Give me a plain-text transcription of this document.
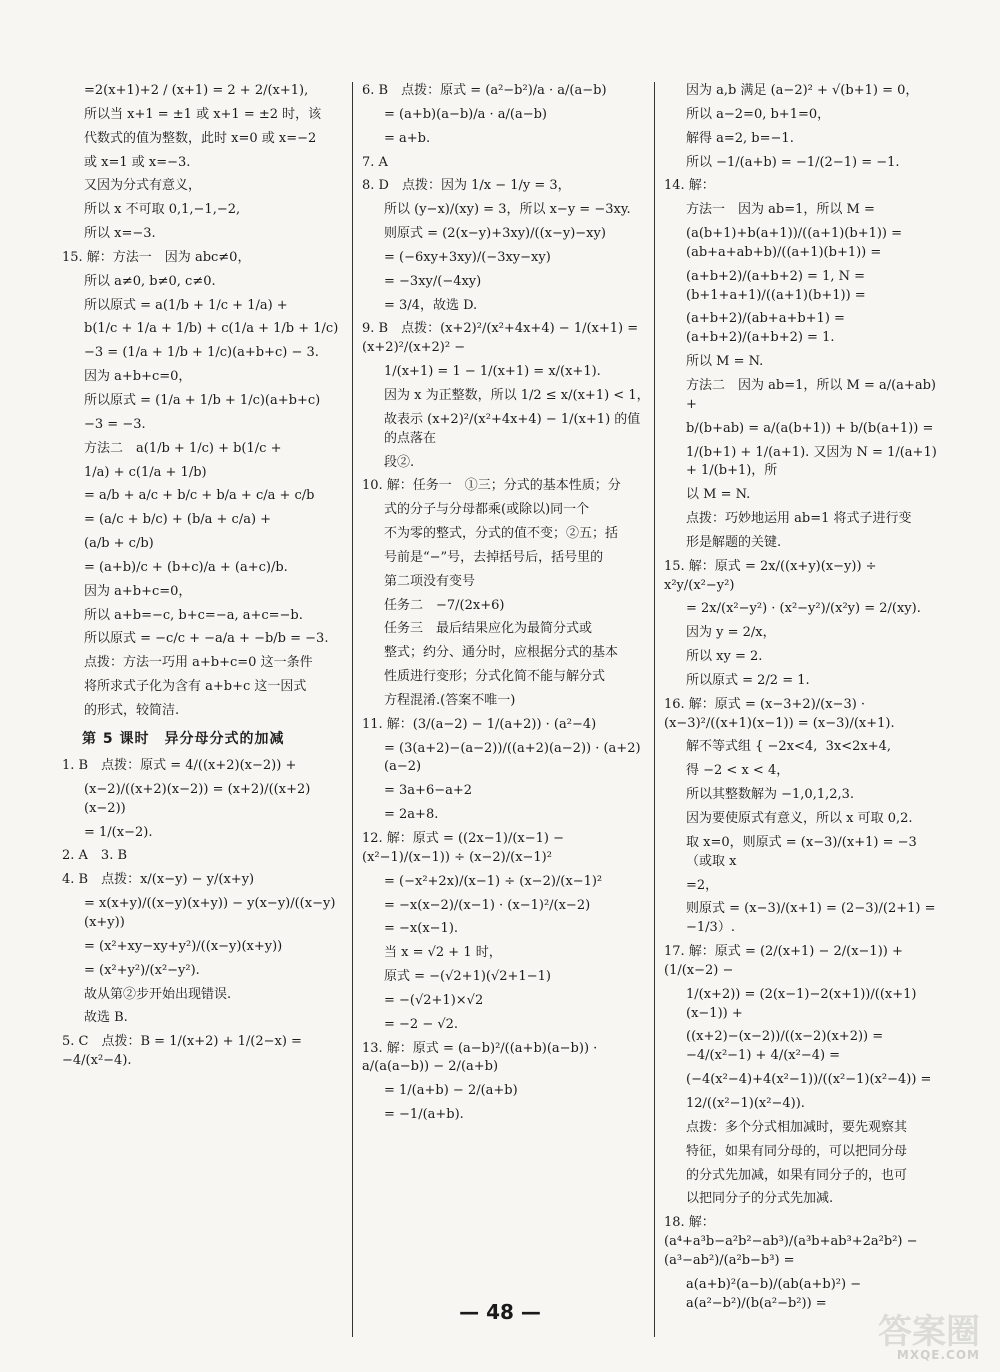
=2(x+1)+2 / (x+1) = 2 + 2/(x+1),
所以当 x+1 = ±1 或 x+1 = ±2 时，该
代数式的值为整数，此时 x=0 或 x=−2
或 x=1 或 x=−3.
又因为分式有意义，
所以 x 不可取 0,1,−1,−2,
所以 x=−3.
15. 解：方法一　因为 abc≠0，
所以 a≠0, b≠0, c≠0.
所以原式 = a(1/b + 1/c + 1/a) +
b(1/c + 1/a + 1/b) + c(1/a + 1/b + 1/c)
−3 = (1/a + 1/b + 1/c)(a+b+c) − 3.
因为 a+b+c=0，
所以原式 = (1/a + 1/b + 1/c)(a+b+c)
−3 = −3.
方法二　a(1/b + 1/c) + b(1/c +
1/a) + c(1/a + 1/b)
= a/b + a/c + b/c + b/a + c/a + c/b
= (a/c + b/c) + (b/a + c/a) +
(a/b + c/b)
= (a+b)/c + (b+c)/a + (a+c)/b.
因为 a+b+c=0，
所以 a+b=−c, b+c=−a, a+c=−b.
所以原式 = −c/c + −a/a + −b/b = −3.
点拨：方法一巧用 a+b+c=0 这一条件
将所求式子化为含有 a+b+c 这一因式
的形式，较简洁.
第 5 课时　异分母分式的加减
1. B　点拨：原式 = 4/((x+2)(x−2)) +
(x−2)/((x+2)(x−2)) = (x+2)/((x+2)(x−2))
= 1/(x−2).
2. A　3. B
4. B　点拨：x/(x−y) − y/(x+y)
= x(x+y)/((x−y)(x+y)) − y(x−y)/((x−y)(x+y))
= (x²+xy−xy+y²)/((x−y)(x+y))
= (x²+y²)/(x²−y²).
故从第②步开始出现错误.
故选 B.
5. C　点拨：B = 1/(x+2) + 1/(2−x) = −4/(x²−4).
6. B　点拨：原式 = (a²−b²)/a · a/(a−b)
= (a+b)(a−b)/a · a/(a−b)
= a+b.
7. A
8. D　点拨：因为 1/x − 1/y = 3，
所以 (y−x)/(xy) = 3，所以 x−y = −3xy.
则原式 = (2(x−y)+3xy)/((x−y)−xy)
= (−6xy+3xy)/(−3xy−xy)
= −3xy/(−4xy)
= 3/4，故选 D.
9. B　点拨：(x+2)²/(x²+4x+4) − 1/(x+1) = (x+2)²/(x+2)² −
1/(x+1) = 1 − 1/(x+1) = x/(x+1).
因为 x 为正整数，所以 1/2 ≤ x/(x+1) < 1，
故表示 (x+2)²/(x²+4x+4) − 1/(x+1) 的值的点落在
段②.
10. 解：任务一　①三；分式的基本性质；分
式的分子与分母都乘(或除以)同一个
不为零的整式，分式的值不变；②五；括
号前是“−”号，去掉括号后，括号里的
第二项没有变号
任务二　−7/(2x+6)
任务三　最后结果应化为最简分式或
整式；约分、通分时，应根据分式的基本
性质进行变形；分式化简不能与解分式
方程混淆.(答案不唯一)
11. 解：(3/(a−2) − 1/(a+2)) · (a²−4)
= (3(a+2)−(a−2))/((a+2)(a−2)) · (a+2)(a−2)
= 3a+6−a+2
= 2a+8.
12. 解：原式 = ((2x−1)/(x−1) − (x²−1)/(x−1)) ÷ (x−2)/(x−1)²
= (−x²+2x)/(x−1) ÷ (x−2)/(x−1)²
= −x(x−2)/(x−1) · (x−1)²/(x−2)
= −x(x−1).
当 x = √2 + 1 时，
原式 = −(√2+1)(√2+1−1)
= −(√2+1)×√2
= −2 − √2.
13. 解：原式 = (a−b)²/((a+b)(a−b)) · a/(a(a−b)) − 2/(a+b)
= 1/(a+b) − 2/(a+b)
= −1/(a+b).
因为 a,b 满足 (a−2)² + √(b+1) = 0，
所以 a−2=0, b+1=0，
解得 a=2, b=−1.
所以 −1/(a+b) = −1/(2−1) = −1.
14. 解：
方法一　因为 ab=1，所以 M =
(a(b+1)+b(a+1))/((a+1)(b+1)) = (ab+a+ab+b)/((a+1)(b+1)) =
(a+b+2)/(a+b+2) = 1, N = (b+1+a+1)/((a+1)(b+1)) =
(a+b+2)/(ab+a+b+1) = (a+b+2)/(a+b+2) = 1.
所以 M = N.
方法二　因为 ab=1，所以 M = a/(a+ab) +
b/(b+ab) = a/(a(b+1)) + b/(b(a+1)) =
1/(b+1) + 1/(a+1). 又因为 N = 1/(a+1) + 1/(b+1)，所
以 M = N.
点拨：巧妙地运用 ab=1 将式子进行变
形是解题的关键.
15. 解：原式 = 2x/((x+y)(x−y)) ÷ x²y/(x²−y²)
= 2x/(x²−y²) · (x²−y²)/(x²y) = 2/(xy).
因为 y = 2/x，
所以 xy = 2.
所以原式 = 2/2 = 1.
16. 解：原式 = (x−3+2)/(x−3) · (x−3)²/((x+1)(x−1)) = (x−3)/(x+1).
解不等式组 { −2x<4,  3x<2x+4,
得 −2 < x < 4，
所以其整数解为 −1,0,1,2,3.
因为要使原式有意义，所以 x 可取 0,2.
取 x=0，则原式 = (x−3)/(x+1) = −3（或取 x
=2，
则原式 = (x−3)/(x+1) = (2−3)/(2+1) = −1/3）.
17. 解：原式 = (2/(x+1) − 2/(x−1)) + (1/(x−2) −
1/(x+2)) = (2(x−1)−2(x+1))/((x+1)(x−1)) +
((x+2)−(x−2))/((x−2)(x+2)) = −4/(x²−1) + 4/(x²−4) =
(−4(x²−4)+4(x²−1))/((x²−1)(x²−4)) =
12/((x²−1)(x²−4)).
点拨：多个分式相加减时，要先观察其
特征，如果有同分母的，可以把同分母
的分式先加减，如果有同分子的，也可
以把同分子的分式先加减.
18. 解：(a⁴+a³b−a²b²−ab³)/(a³b+ab³+2a²b²) − (a³−ab²)/(a²b−b³) =
a(a+b)²(a−b)/(ab(a+b)²) − a(a²−b²)/(b(a²−b²)) =
— 48 —	答案圈
MXQE.COM
